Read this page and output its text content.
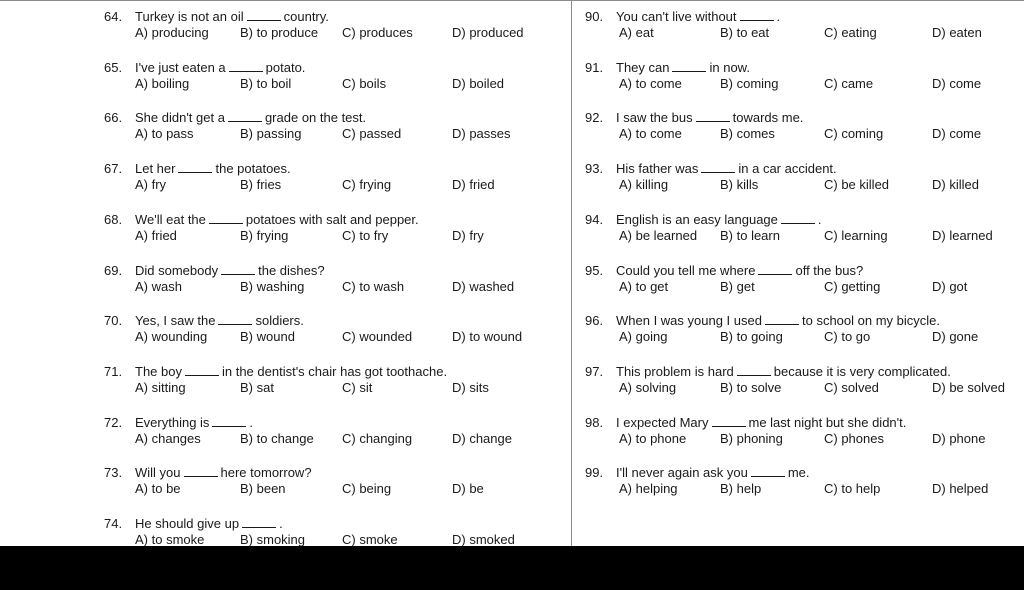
64. Turkey is not an oil	country.
A) producing B) to produce C) produces	D) produced
65. I've just eaten a	potato.
A) boiling	B) to boil	C) boils	D) boiled
66. She didn't get a	grade on the test.
A) to pass	B) passing	C) passed	D) passes
67. Let her	the potatoes.
A) fry	B) fries	C) frying	D) fried
68. We'll eat the	potatoes with salt and pepper.
A) fried	B) frying	C) to fry	D) fry
69. Did somebody	the dishes?
A) wash	B) washing	C) to wash	D) washed
70. Yes, I saw the	soldiers.
A) wounding	B) wound	C) wounded	D) to wound
71. The boy	in the dentist's chair has got toothache.
A) sitting	B) sat	C) sit	D) sits
72. Everything is	.
A) changes	B) to change C) changing	D) change
73. Will you	here tomorrow?
A) to be	B) been	C) being	D) be
74. He should give up	.
A) to smoke	B) smoking	C) smoke	D) smoked
90. You can't live without	.
A) eat	B) to eat	C) eating	D) eaten
91. They can	in now.
A) to come	B) coming	C) came	D) come
92. I saw the bus	towards me.
A) to come	B) comes	C) coming	D) come
93. His father was	in a car accident.
A) killing	B) kills	C) be killed	D) killed
94. English is an easy language	.
A) be learned B) to learn	C) learning	D) learned
95. Could you tell me where	off the bus?
A) to get	B) get	C) getting	D) got
96. When I was young I used	to school on my bicycle.
A) going	B) to going	C) to go	D) gone
97. This problem is hard	because it is very complicated.
A) solving	B) to solve	C) solved	D) be solved
98. I expected Mary	me last night but she didn't.
A) to phone	B) phoning	C) phones	D) phone
99. I'll never again ask you	me.
A) helping	B) help	C) to help	D) helped
